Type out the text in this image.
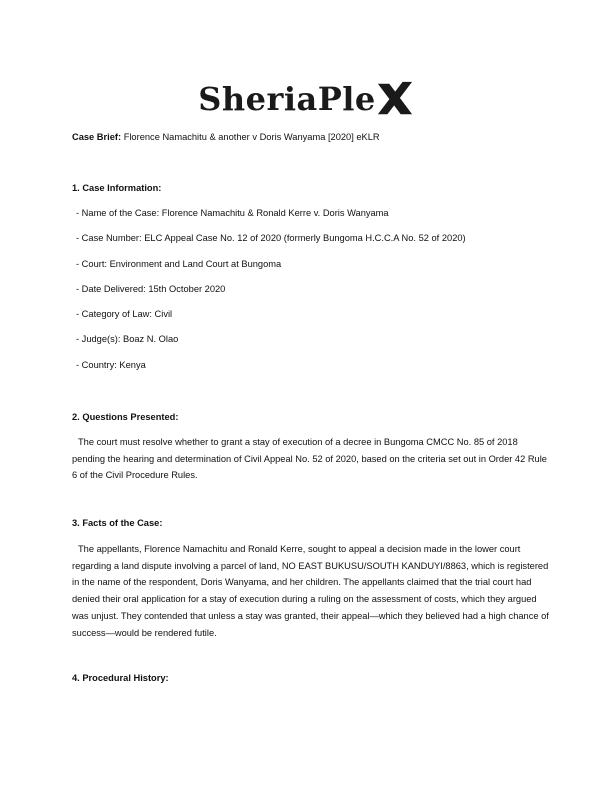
SheriaPle
Case Brief: Florence Namachitu & another v Doris Wanyama [2020] eKLR
1. Case Information:
- Name of the Case: Florence Namachitu & Ronald Kerre v. Doris Wanyama
- Case Number: ELC Appeal Case No. 12 of 2020 (formerly Bungoma H.C.C.A No. 52 of 2020)
- Court: Environment and Land Court at Bungoma
- Date Delivered: 15th October 2020
- Category of Law: Civil
- Judge(s): Boaz N. Olao
- Country: Kenya
2. Questions Presented:

The court must resolve whether to grant a stay of execution of a decree in Bungoma CMCC No. 85 of 2018 pending the hearing and determination of Civil Appeal No. 52 of 2020, based on the criteria set out in Order 42 Rule 6 of the Civil Procedure Rules.

3. Facts of the Case:

The appellants, Florence Namachitu and Ronald Kerre, sought to appeal a decision made in the lower court regarding a land dispute involving a parcel of land, NO EAST BUKUSU/SOUTH KANDUYI/8863, which is registered in the name of the respondent, Doris Wanyama, and her children. The appellants claimed that the trial court had denied their oral application for a stay of execution during a ruling on the assessment of costs, which they argued was unjust. They contended that unless a stay was granted, their appeal—which they believed had a high chance of success—would be rendered futile.

4. Procedural History:
